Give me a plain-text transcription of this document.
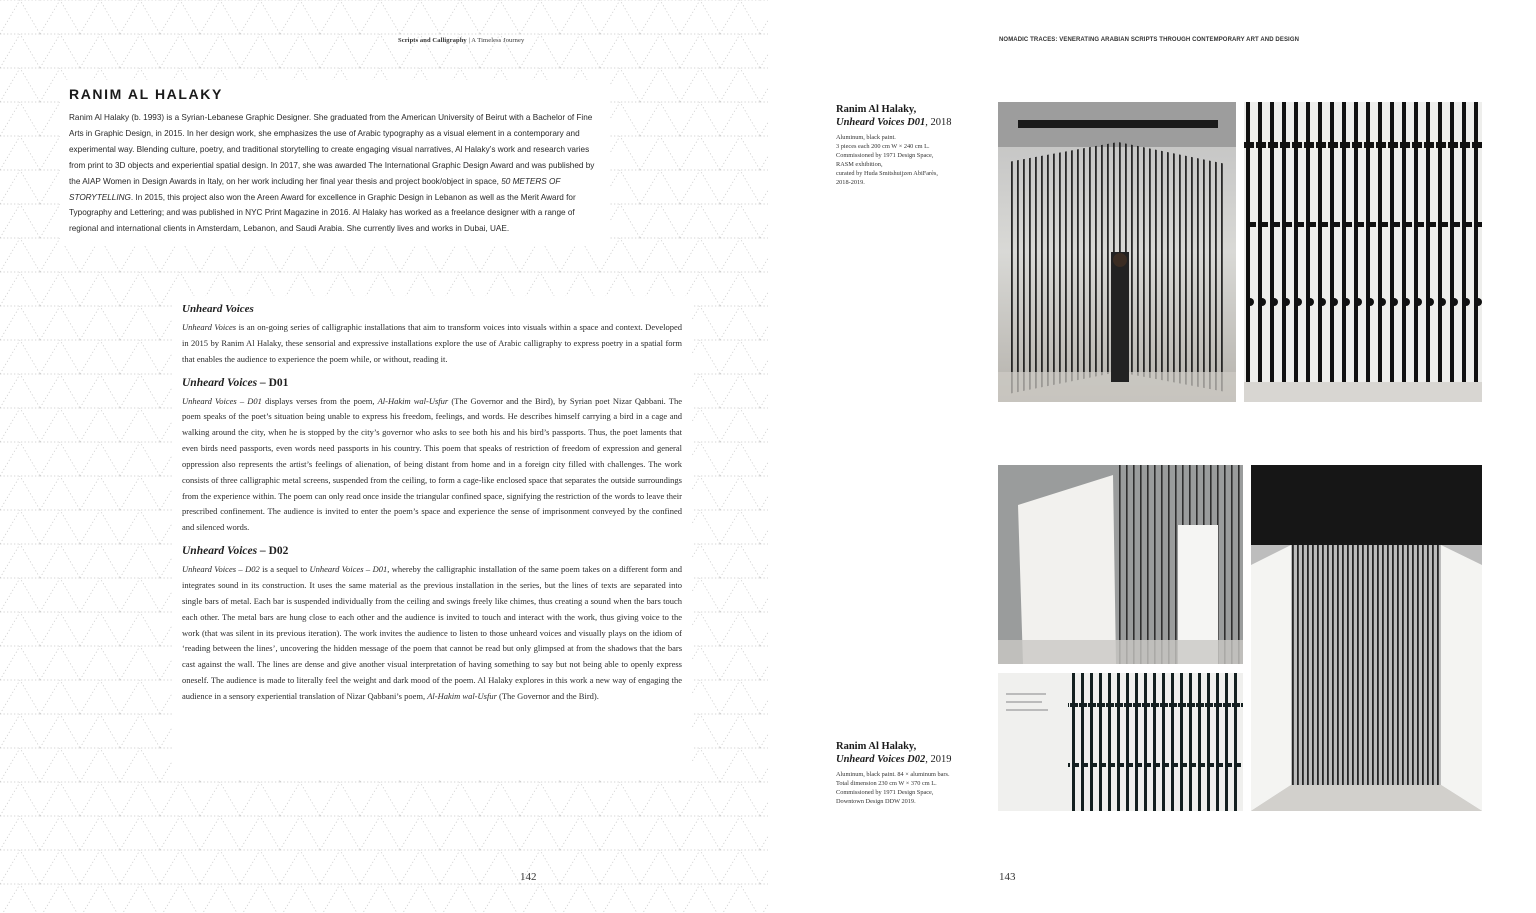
Scripts and Calligraphy | A Timeless Journey
RANIM AL HALAKY
Ranim Al Halaky (b. 1993) is a Syrian-Lebanese Graphic Designer. She graduated from the American University of Beirut with a Bachelor of Fine Arts in Graphic Design, in 2015. In her design work, she emphasizes the use of Arabic typography as a visual element in a contemporary and experimental way. Blending culture, poetry, and traditional storytelling to create engaging visual narratives, Al Halaky’s work and research varies from print to 3D objects and experiential spatial design. In 2017, she was awarded The International Graphic Design Award and was published by the AIAP Women in Design Awards in Italy, on her work including her final year thesis and project book/object in space, 50 METERS OF STORYTELLING. In 2015, this project also won the Areen Award for excellence in Graphic Design in Lebanon as well as the Merit Award for Typography and Lettering; and was published in NYC Print Magazine in 2016. Al Halaky has worked as a freelance designer with a range of regional and international clients in Amsterdam, Lebanon, and Saudi Arabia. She currently lives and works in Dubai, UAE.
Unheard Voices

Unheard Voices is an on-going series of calligraphic installations that aim to transform voices into visuals within a space and context. Developed in 2015 by Ranim Al Halaky, these sensorial and expressive installations explore the use of Arabic calligraphy to express poetry in a spatial form that enables the audience to experience the poem while, or without, reading it.

Unheard Voices – D01

Unheard Voices – D01 displays verses from the poem, Al-Hakim wal-Usfur (The Governor and the Bird), by Syrian poet Nizar Qabbani. The poem speaks of the poet’s situation being unable to express his freedom, feelings, and words. He describes himself carrying a bird in a cage and walking around the city, when he is stopped by the city’s governor who asks to see both his and his bird’s passports. Thus, the poet laments that even birds need passports, even words need passports in his country. This poem that speaks of restriction of freedom of expression and general oppression also represents the artist’s feelings of alienation, of being distant from home and in a foreign city filled with challenges. The work consists of three calligraphic metal screens, suspended from the ceiling, to form a cage-like enclosed space that separates the outside surroundings from the experience within. The poem can only read once inside the triangular confined space, signifying the restriction of the words to leave their prescribed confinement. The audience is invited to enter the poem’s space and experience the sense of imprisonment conveyed by the confined and silenced words.

Unheard Voices – D02

Unheard Voices – D02 is a sequel to Unheard Voices – D01, whereby the calligraphic installation of the same poem takes on a different form and integrates sound in its construction. It uses the same material as the previous installation in the series, but the lines of texts are separated into single bars of metal. Each bar is suspended individually from the ceiling and swings freely like chimes, thus creating a sound when the bars touch each other. The metal bars are hung close to each other and the audience is invited to touch and interact with the work, thus giving voice to the work (that was silent in its previous iteration). The work invites the audience to listen to those unheard voices and visually plays on the idiom of ‘reading between the lines’, uncovering the hidden message of the poem that cannot be read but only glimpsed at from the shadows that the bars cast against the wall. The lines are dense and give another visual interpretation of having something to say but not being able to openly express oneself. The audience is made to literally feel the weight and dark mood of the poem. Al Halaky explores in this work a new way of engaging the audience in a sensory experiential translation of Nizar Qabbani’s poem, Al-Hakim wal-Usfur (The Governor and the Bird).

142
NOMADIC TRACES: VENERATING ARABIAN SCRIPTS THROUGH CONTEMPORARY ART AND DESIGN
Ranim Al Halaky,
Unheard Voices D01, 2018
Aluminum, black paint.
3 pieces each 200 cm W × 240 cm L.
Commissioned by 1971 Design Space,
RASM exhibition,
curated by Huda Smitshuijzen AbiFarès,
2018-2019.
Ranim Al Halaky,
Unheard Voices D02, 2019
Aluminum, black paint. 84 × aluminum bars.
Total dimension 230 cm W × 370 cm L.
Commissioned by 1971 Design Space,
Downtown Design DDW 2019.
143
